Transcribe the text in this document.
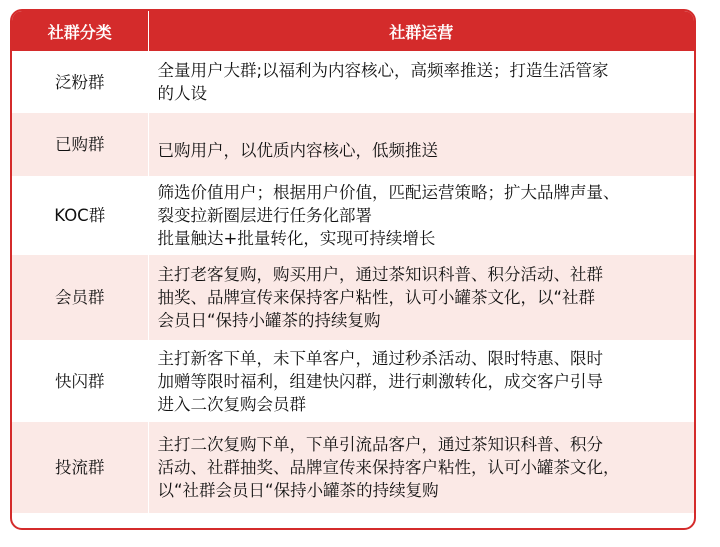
社群分类	社群运营
泛粉群	全量用户大群;以福利为内容核心，高频率推送；打造生活管家
的人设

已购群	已购用户，以优质内容核心，低频推送

KOC群	筛选价值用户；根据用户价值，匹配运营策略；扩大品牌声量、
裂变拉新圈层进行任务化部署
批量触达+批量转化，实现可持续增长

会员群	主打老客复购，购买用户，通过茶知识科普、积分活动、社群
抽奖、品牌宣传来保持客户粘性，认可小罐茶文化，以“社群
会员日“保持小罐茶的持续复购

快闪群	主打新客下单，未下单客户，通过秒杀活动、限时特惠、限时
加赠等限时福利，组建快闪群，进行刺激转化，成交客户引导
进入二次复购会员群

投流群	主打二次复购下单，下单引流品客户，通过茶知识科普、积分
活动、社群抽奖、品牌宣传来保持客户粘性，认可小罐茶文化，
以“社群会员日“保持小罐茶的持续复购
